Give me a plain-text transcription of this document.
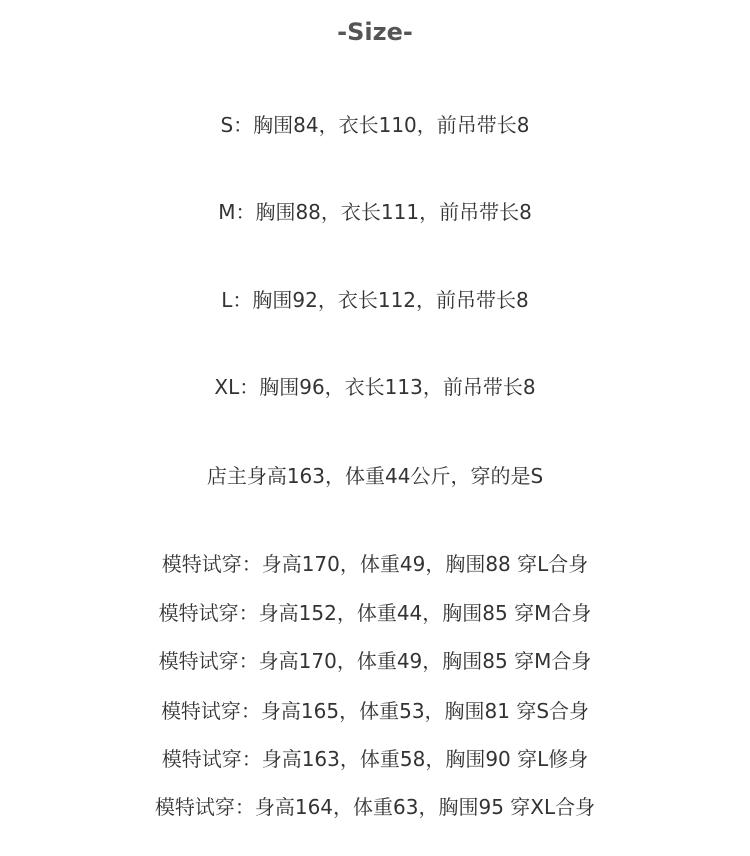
-Size-
S：胸围84，衣长110，前吊带长8
M：胸围88，衣长111，前吊带长8
L：胸围92，衣长112，前吊带长8
XL：胸围96，衣长113，前吊带长8
店主身高163，体重44公斤，穿的是S
模特试穿：身高170，体重49，胸围88 穿L合身
模特试穿：身高152，体重44，胸围85 穿M合身
模特试穿：身高170，体重49，胸围85 穿M合身
模特试穿：身高165，体重53，胸围81 穿S合身
模特试穿：身高163，体重58，胸围90 穿L修身
模特试穿：身高164，体重63，胸围95 穿XL合身
